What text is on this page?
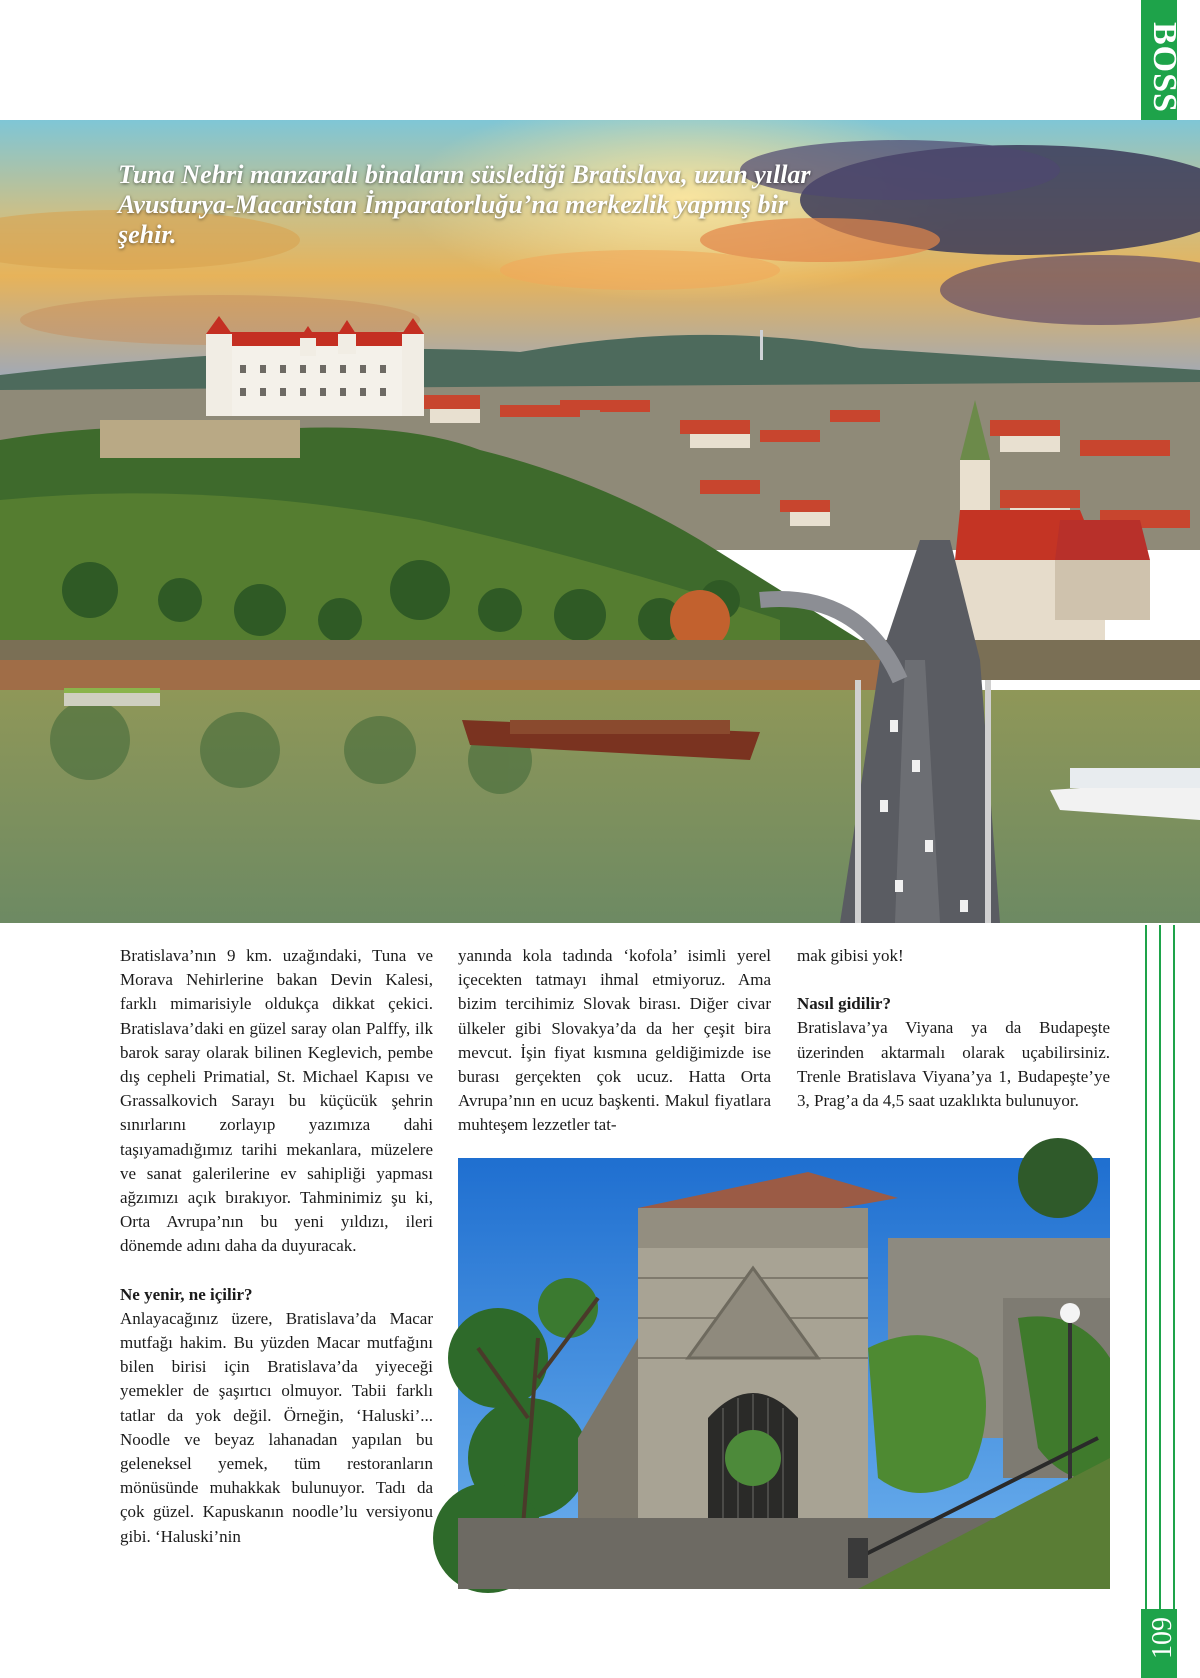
BOSS
109
Tuna Nehri manzaralı binaların süslediği Bratislava, uzun yıllar Avusturya-Macaristan İmparatorluğu’na merkezlik yapmış bir şehir.

Bratislava’nın 9 km. uzağındaki, Tuna ve Morava Nehirlerine bakan Devin Kalesi, farklı mimarisiyle oldukça dikkat çekici. Bratislava’daki en güzel saray olan Palffy, ilk barok saray olarak bilinen Keglevich, pembe dış cepheli Primatial, St. Michael Kapısı ve Grassalkovich Sarayı bu küçücük şehrin sınırlarını zorlayıp yazımıza dahi taşıyamadığımız tarihi mekanlara, müzelere ve sanat galerilerine ev sahipliği yapması ağzımızı açık bırakıyor. Tahminimiz şu ki, Orta Avrupa’nın bu yeni yıldızı, ileri dönemde adını daha da duyuracak.

Ne yenir, ne içilir?

Anlayacağınız üzere, Bratislava’da Macar mutfağı hakim. Bu yüzden Macar mutfağını bilen birisi için Bratislava’da yiyeceği yemekler de şaşırtıcı olmuyor. Tabii farklı tatlar da yok değil. Örneğin, ‘Haluski’... Noodle ve beyaz lahanadan yapılan bu geleneksel yemek, tüm restoranların mönüsünde muhakkak bulunuyor. Tadı da çok güzel. Kapuskanın noodle’lu versiyonu gibi. ‘Haluski’nin

yanında kola tadında ‘kofola’ isimli yerel içecekten tatmayı ihmal etmiyoruz. Ama bizim tercihimiz Slovak birası. Diğer civar ülkeler gibi Slovakya’da da her çeşit bira mevcut. İşin fiyat kısmına geldiğimizde ise burası gerçekten çok ucuz. Hatta Orta Avrupa’nın en ucuz başkenti. Makul fiyatlara muhteşem lezzetler tat-

mak gibisi yok!

Nasıl gidilir?

Bratislava’ya Viyana ya da Budapeşte üzerinden aktarmalı olarak uçabilirsiniz. Trenle Bratislava Viyana’ya 1, Budapeşte’ye 3, Prag’a da 4,5 saat uzaklıkta bulunuyor.
